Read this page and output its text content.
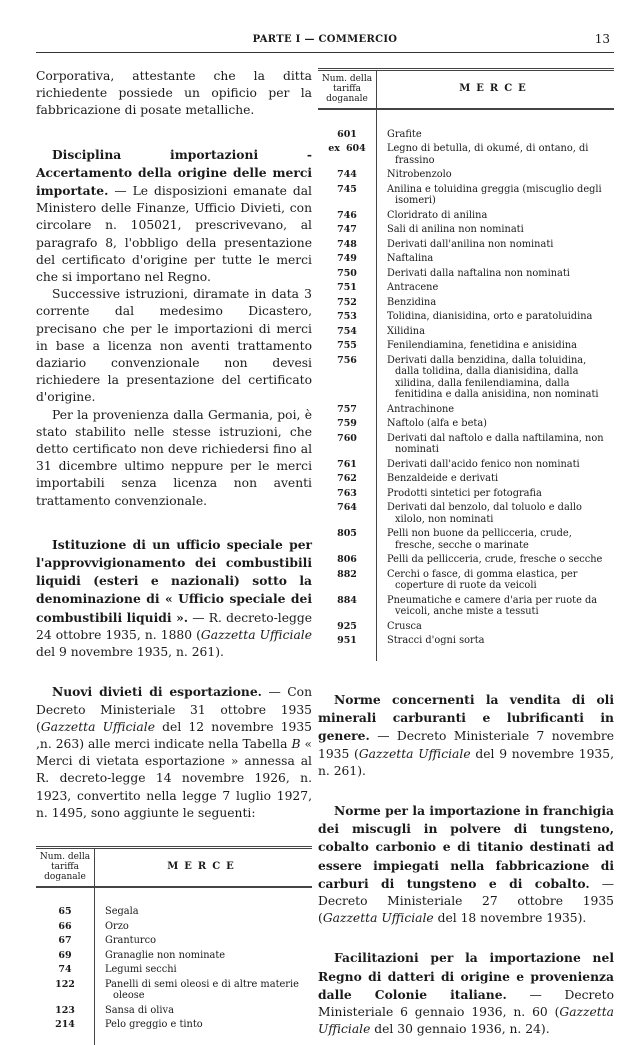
PARTE I — COMMERCIO	13

Corporativa, attestante che la ditta richiedente possiede un opificio per la fabbricazione di posate metalliche.

Disciplina importazioni - Accertamento della origine delle merci importate. — Le disposizioni emanate dal Ministero delle Finanze, Ufficio Divieti, con circolare n. 105021, prescrivevano, al paragrafo 8, l'obbligo della presentazione del certificato d'origine per tutte le merci che si importano nel Regno.

Successive istruzioni, diramate in data 3 corrente dal medesimo Dicastero, precisano che per le importazioni di merci in base a licenza non aventi trattamento daziario convenzionale non devesi richiedere la presentazione del certificato d'origine.

Per la provenienza dalla Germania, poi, è stato stabilito nelle stesse istruzioni, che detto certificato non deve richiedersi fino al 31 dicembre ultimo neppure per le merci importabili senza licenza non aventi trattamento convenzionale.

Istituzione di un ufficio speciale per l'approvvigionamento dei combustibili liquidi (esteri e nazionali) sotto la denominazione di « Ufficio speciale dei combustibili liquidi ». — R. decreto-legge 24 ottobre 1935, n. 1880 (Gazzetta Ufficiale del 9 novembre 1935, n. 261).

Nuovi divieti di esportazione. — Con Decreto Ministeriale 31 ottobre 1935 (Gazzetta Ufficiale del 12 novembre 1935 ,n. 263) alle merci indicate nella Tabella B « Merci di vietata esportazione » annessa al R. decreto-legge 14 novembre 1926, n. 1923, convertito nella legge 7 luglio 1927, n. 1495, sono aggiunte le seguenti:

Num. della tariffa doganale	MERCE

65	Segala
66	Orzo
67	Granturco
69	Granaglie non nominate
74	Legumi secchi
122	Panelli di semi oleosi e di altre materie oleose
123	Sansa di oliva
214	Pelo greggio e tinto

Num. della tariffa doganale	MERCE

601	Grafite
ex 604	Legno di betulla, di okumé, di ontano, di frassino
744	Nitrobenzolo
745	Anilina e toluidina greggia (miscuglio degli isomeri)
746	Cloridrato di anilina
747	Sali di anilina non nominati
748	Derivati dall'anilina non nominati
749	Naftalina
750	Derivati dalla naftalina non nominati
751	Antracene
752	Benzidina
753	Tolidina, dianisidina, orto e paratoluidina
754	Xilidina
755	Fenilendiamina, fenetidina e anisidina
756	Derivati dalla benzidina, dalla toluidina, dalla tolidina, dalla dianisidina, dalla xilidina, dalla fenilendiamina, dalla fenitidina e dalla anisidina, non nominati
757	Antrachinone
759	Naftolo (alfa e beta)
760	Derivati dal naftolo e dalla naftilamina, non nominati
761	Derivati dall'acido fenico non nominati
762	Benzaldeide e derivati
763	Prodotti sintetici per fotografia
764	Derivati dal benzolo, dal toluolo e dallo xilolo, non nominati
805	Pelli non buone da pellicceria, crude, fresche, secche o marinate
806	Pelli da pellicceria, crude, fresche o secche
882	Cerchi o fasce, di gomma elastica, per coperture di ruote da veicoli
884	Pneumatiche e camere d'aria per ruote da veicoli, anche miste a tessuti
925	Crusca
951	Stracci d'ogni sorta

Norme concernenti la vendita di oli minerali carburanti e lubrificanti in genere. — Decreto Ministeriale 7 novembre 1935 (Gazzetta Ufficiale del 9 novembre 1935, n. 261).

Norme per la importazione in franchigia dei miscugli in polvere di tungsteno, cobalto carbonio e di titanio destinati ad essere impiegati nella fabbricazione di carburi di tungsteno e di cobalto. — Decreto Ministeriale 27 ottobre 1935 (Gazzetta Ufficiale del 18 novembre 1935).

Facilitazioni per la importazione nel Regno di datteri di origine e provenienza dalle Colonie italiane. — Decreto Ministeriale 6 gennaio 1936, n. 60 (Gazzetta Ufficiale del 30 gennaio 1936, n. 24).
